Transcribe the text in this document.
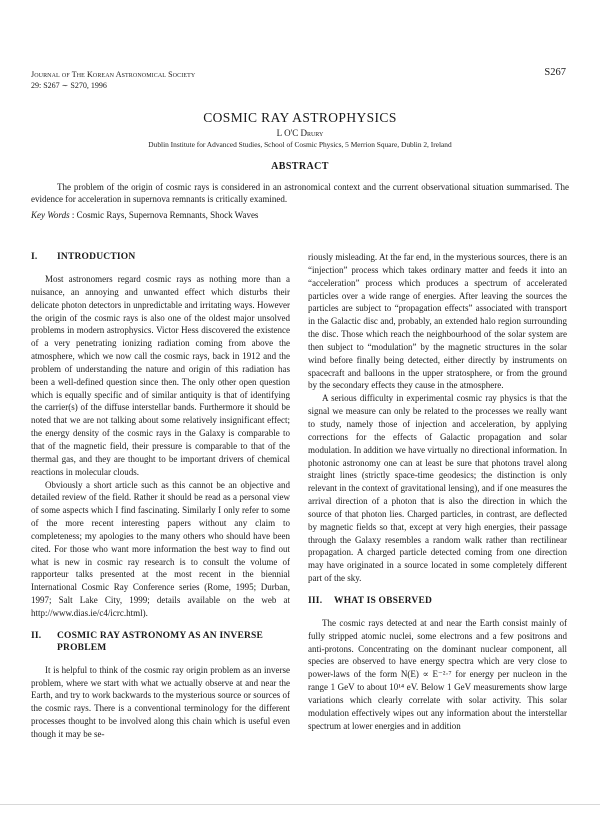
Journal of The Korean Astronomical Society
29: S267 ∼ S270, 1996
S267
COSMIC RAY ASTROPHYSICS
L O'C Drury
Dublin Institute for Advanced Studies, School of Cosmic Physics, 5 Merrion Square, Dublin 2, Ireland
ABSTRACT

The problem of the origin of cosmic rays is considered in an astronomical context and the current observational situation summarised. The evidence for acceleration in supernova remnants is critically examined.

Key Words : Cosmic Rays, Supernova Remnants, Shock Waves
I.	INTRODUCTION

Most astronomers regard cosmic rays as nothing more than a nuisance, an annoying and unwanted effect which disturbs their delicate photon detectors in unpredictable and irritating ways. However the origin of the cosmic rays is also one of the oldest major unsolved problems in modern astrophysics. Victor Hess discovered the existence of a very penetrating ionizing radiation coming from above the atmosphere, which we now call the cosmic rays, back in 1912 and the problem of understanding the nature and origin of this radiation has been a well-defined question since then. The only other open question which is equally specific and of similar antiquity is that of identifying the carrier(s) of the diffuse interstellar bands. Furthermore it should be noted that we are not talking about some relatively insignificant effect; the energy density of the cosmic rays in the Galaxy is comparable to that of the magnetic field, their pressure is comparable to that of the thermal gas, and they are thought to be important drivers of chemical reactions in molecular clouds.

Obviously a short article such as this cannot be an objective and detailed review of the field. Rather it should be read as a personal view of some aspects which I find fascinating. Similarly I only refer to some of the more recent interesting papers without any claim to completeness; my apologies to the many others who should have been cited. For those who want more information the best way to find out what is new in cosmic ray research is to consult the volume of rapporteur talks presented at the most recent in the biennial International Cosmic Ray Conference series (Rome, 1995; Durban, 1997; Salt Lake City, 1999; details available on the web at http://www.dias.ie/c4/icrc.html).

II.	COSMIC RAY ASTRONOMY AS AN INVERSE PROBLEM

It is helpful to think of the cosmic ray origin problem as an inverse problem, where we start with what we actually observe at and near the Earth, and try to work backwards to the mysterious source or sources of the cosmic rays. There is a conventional terminology for the different processes thought to be involved along this chain which is useful even though it may be se-

riously misleading. At the far end, in the mysterious sources, there is an “injection” process which takes ordinary matter and feeds it into an “acceleration” process which produces a spectrum of accelerated particles over a wide range of energies. After leaving the sources the particles are subject to “propagation effects” associated with transport in the Galactic disc and, probably, an extended halo region surrounding the disc. Those which reach the neighbourhood of the solar system are then subject to “modulation” by the magnetic structures in the solar wind before finally being detected, either directly by instruments on spacecraft and balloons in the upper stratosphere, or from the ground by the secondary effects they cause in the atmosphere.

A serious difficulty in experimental cosmic ray physics is that the signal we measure can only be related to the processes we really want to study, namely those of injection and acceleration, by applying corrections for the effects of Galactic propagation and solar modulation. In addition we have virtually no directional information. In photonic astronomy one can at least be sure that photons travel along straight lines (strictly space-time geodesics; the distinction is only relevant in the context of gravitational lensing), and if one measures the arrival direction of a photon that is also the direction in which the source of that photon lies. Charged particles, in contrast, are deflected by magnetic fields so that, except at very high energies, their passage through the Galaxy resembles a random walk rather than rectilinear propagation. A charged particle detected coming from one direction may have originated in a source located in some completely different part of the sky.

III.	WHAT IS OBSERVED

The cosmic rays detected at and near the Earth consist mainly of fully stripped atomic nuclei, some electrons and a few positrons and anti-protons. Concentrating on the dominant nuclear component, all species are observed to have energy spectra which are very close to power-laws of the form N(E) ∝ E⁻²·⁷ for energy per nucleon in the range 1 GeV to about 10¹⁴ eV. Below 1 GeV measurements show large variations which clearly correlate with solar activity. This solar modulation effectively wipes out any information about the interstellar spectrum at lower energies and in addition
